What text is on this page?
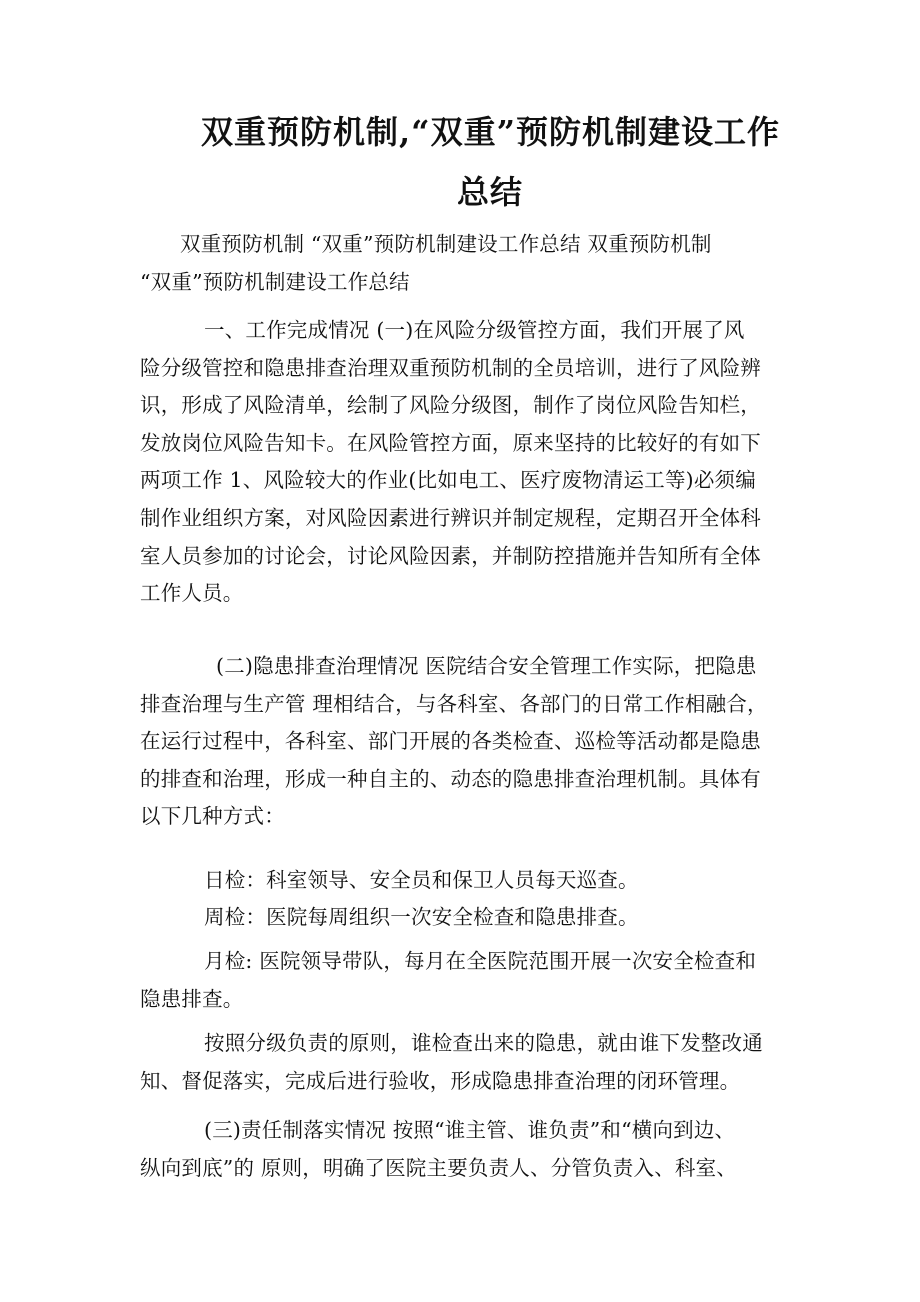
双重预防机制,“双重”预防机制建设工作
总结
双重预防机制 “双重”预防机制建设工作总结 双重预防机制
“双重”预防机制建设工作总结
一、工作完成情况 (一)在风险分级管控方面，我们开展了风
险分级管控和隐患排查治理双重预防机制的全员培训，进行了风险辨
识，形成了风险清单，绘制了风险分级图，制作了岗位风险告知栏，
发放岗位风险告知卡。在风险管控方面，原来坚持的比较好的有如下
两项工作 1、风险较大的作业(比如电工、医疗废物清运工等)必须编
制作业组织方案，对风险因素进行辨识并制定规程，定期召开全体科
室人员参加的讨论会，讨论风险因素，并制防控措施并告知所有全体
工作人员。
(二)隐患排查治理情况 医院结合安全管理工作实际，把隐患
排查治理与生产管 理相结合，与各科室、各部门的日常工作相融合，
在运行过程中，各科室、部门开展的各类检查、巡检等活动都是隐患
的排查和治理，形成一种自主的、动态的隐患排查治理机制。具体有
以下几种方式：
日检：科室领导、安全员和保卫人员每天巡查。
周检：医院每周组织一次安全检查和隐患排查。
月检: 医院领导带队，每月在全医院范围开展一次安全检查和
隐患排查。
按照分级负责的原则，谁检查出来的隐患，就由谁下发整改通
知、督促落实，完成后进行验收，形成隐患排查治理的闭环管理。
(三)责任制落实情况 按照“谁主管、谁负责”和“横向到边、
纵向到底”的 原则，明确了医院主要负责人、分管负责入、科室、
